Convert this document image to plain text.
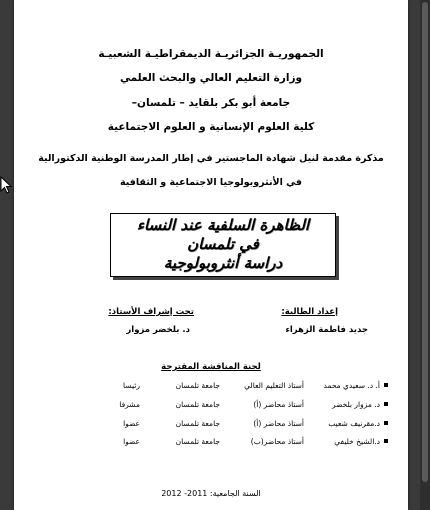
الجمهوريـة الجزائريـة الديمقراطيـة الشعبيـة
وزارة التعليم العالي والبحث العلمي
جامعة أبو بكر بلقايد – تلمسان–
كلية العلوم الإنسانية و العلوم الاجتماعية
مذكرة مقدمة لنيل شهادة الماجستير في إطار المدرسة الوطنية الدكتورالية
في الأنثروبولوجيا الاجتماعية و الثقافية
الظاهرة السلفية عند النساء
في تلمسان
دراسة أنثروبولوجية
إعداد الطالبة:
جديد فاطمة الزهراء
تحت إشراف الأستاذ:
د. بلخضر مزوار
لجنة المناقشة المقترحة
أ. د. سعيدي محمد
أستاذ التعليم العالي
جامعة تلمسان
رئيسا
د. مزوار بلخضر
أستاذ محاضر (أ)
جامعة تلمسان
مشرفا
د.مقرنيف شعيب
أستاذ محاضر (أ)
جامعة تلمسان
عضوا
د.الشيخ خليفي
أستاذ محاضر(ب)
جامعة تلمسان
عضوا
السنة الجامعية: 2011- 2012
